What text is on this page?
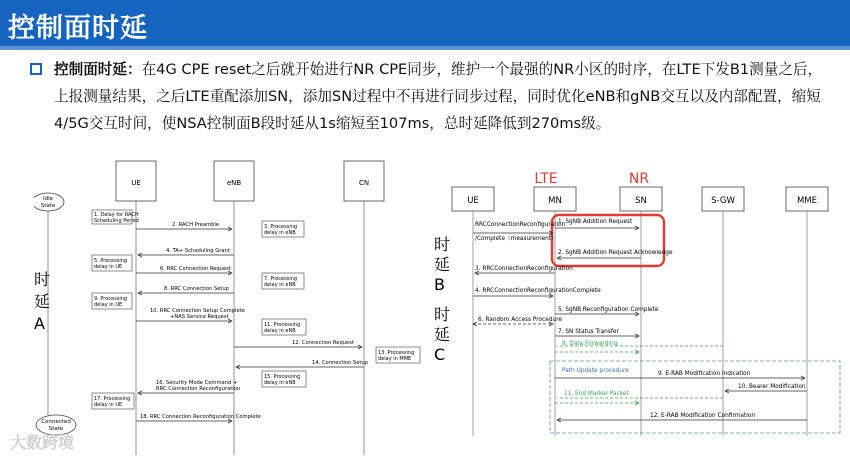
控制面时延
控制面时延：在4G CPE reset之后就开始进行NR CPE同步，维护一个最强的NR小区的时序，在LTE下发B1测量之后，上报测量结果，之后LTE重配添加SN，添加SN过程中不再进行同步过程，同时优化eNB和gNB交互以及内部配置，缩短4/5G交互时间，使NSA控制面B段时延从1s缩短至107ms，总时延降低到270ms级。
UE	eNB	CN
Idle
State
Connected
State
时
延
A
1. Delay for RACH
Scheduling Period
3. Processing
delay in eNB
5. Processing
delay in UE
7. Processing
delay in eNB
9. Processing
delay in UE
11. Processing
delay in eNB
13. Processing
delay in MME
15. Processing
delay in eNB
17. Processing
delay in UE
2. RACH Preamble
4. TA+ Scheduling Grant
6. RRC Connection Request
8. RRC Connection Setup
10. RRC Connection Setup Complete
+NAS Service Request
12. Connection Request
14. Connection Setup
16. Security Mode Command +
RRC Connection Reconfiguration
18. RRC Connection Reconfiguration Complete
LTE	NR
UE	MN	SN	S-GW	MME
时
延
B
时
延
C
RRCConnectionReconfiguration
/Complete（measurement）
1. SgNB Addition Request
2. SgNB Addition Request Acknowledge
3. RRCConnectionReconfiguration
4. RRCConnectionReconfigurationComplete
5. SgNB Reconfiguration Complete
6. Random Access Procedure
7. SN Status Transfer
8. Data Forwarding
Path Update procedure	9. E-RAB Modification Indication
10. Bearer Modification
11. End Marker Packet
12. E-RAB Modification Confirmation
大数跨境
